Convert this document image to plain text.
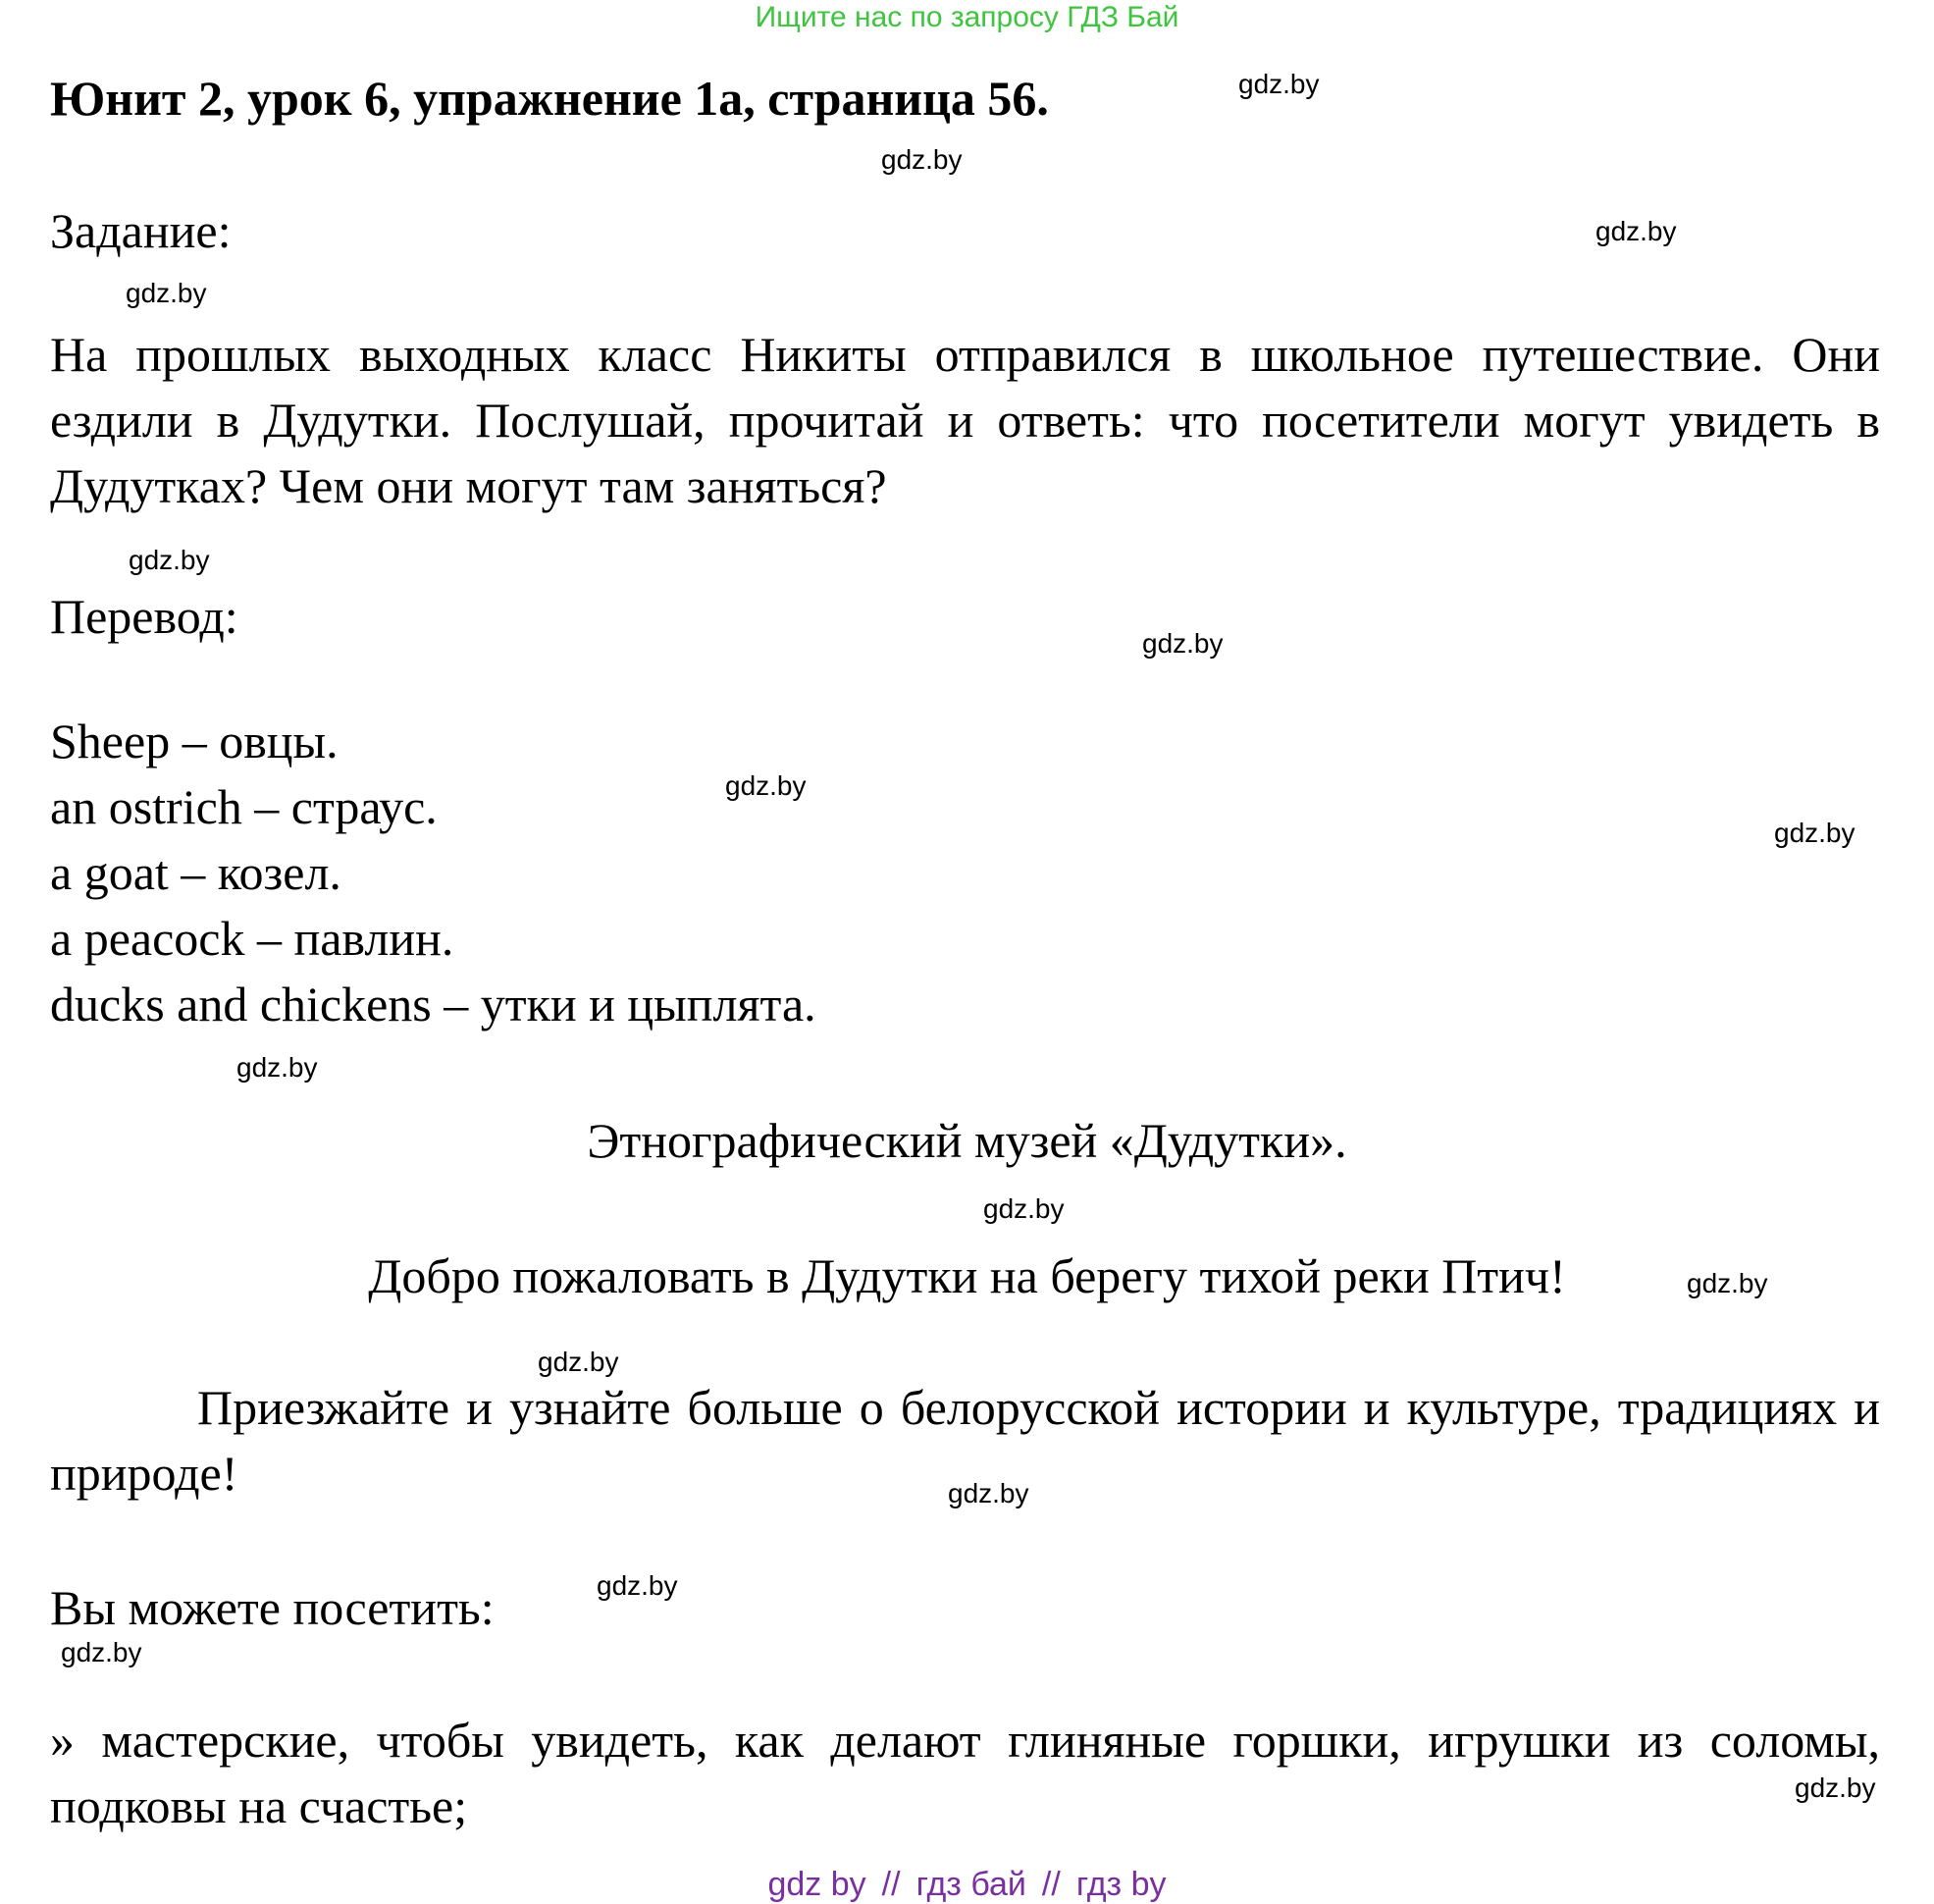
Ищите нас по запросу ГДЗ Бай
Юнит 2, урок 6, упражнение 1а, страница 56.	gdz.by
gdz.by
Задание:	gdz.by
gdz.by
На прошлых выходных класс Никиты отправился в школьное путешествие. Они ездили в Дудутки. Послушай, прочитай и ответь: что посетители могут увидеть в Дудутках? Чем они могут там заняться?
gdz.by
Перевод:	gdz.by
Sheep – овцы.
an ostrich – страус.
a goat – козел.
a peacock – павлин.
ducks and chickens – утки и цыплята.
gdz.by
gdz.by
gdz.by
Этнографический музей «Дудутки».
gdz.by
Добро пожаловать в Дудутки на берегу тихой реки Птич!	gdz.by
gdz.by
Приезжайте и узнайте больше о белорусской истории и культуре, традициях и природе!	gdz.by
Вы можете посетить:	gdz.by
gdz.by
» мастерские, чтобы увидеть, как делают глиняные горшки, игрушки из соломы, подковы на счастье;	gdz.by
gdz by // гдз бай // гдз by
